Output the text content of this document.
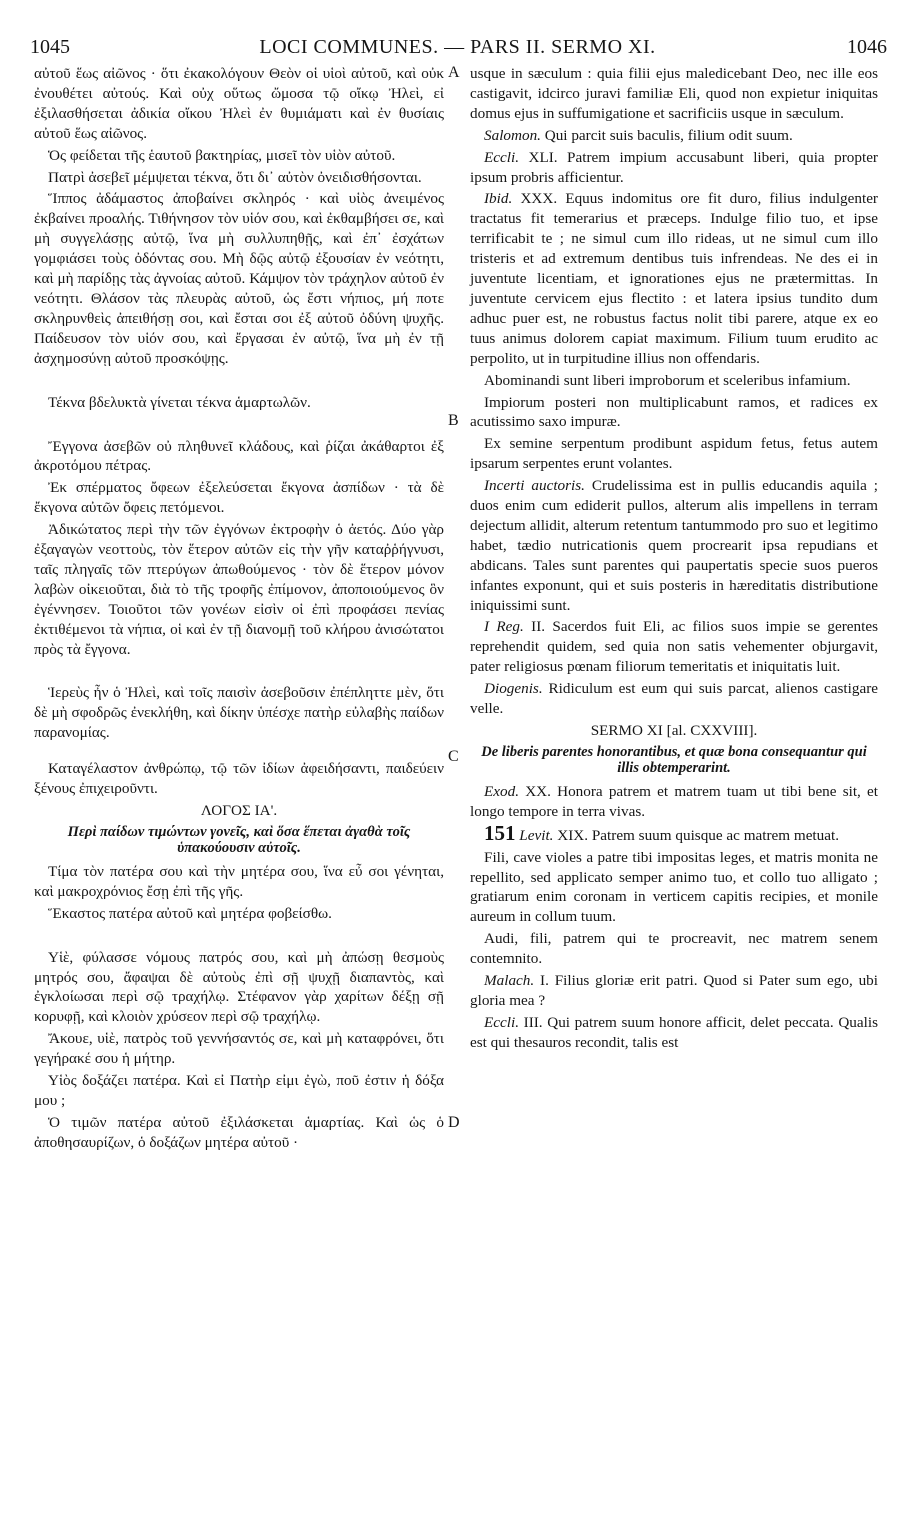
1045	LOCI COMMUNES. — PARS II. SERMO XI.	1046
A
B
C
D

αὐτοῦ ἕως αἰῶνος · ὅτι ἐκακολόγουν Θεὸν οἱ υἱοὶ αὐτοῦ, καὶ οὐκ ἐνουθέτει αὐτούς. Καὶ οὐχ οὕτως ὤμοσα τῷ οἴκῳ Ἠλεὶ, εἰ ἐξιλασθήσεται ἀδικία οἴκου Ἠλεὶ ἐν θυμιάματι καὶ ἐν θυσίαις αὐτοῦ ἕως αἰῶνος.

Ὁς φείδεται τῆς ἑαυτοῦ βακτηρίας, μισεῖ τὸν υἱὸν αὐτοῦ.

Πατρὶ ἀσεβεῖ μέμψεται τέκνα, ὅτι δι᾽ αὐτὸν ὀνειδισθήσονται.

Ἵππος ἀδάμαστος ἀποβαίνει σκληρός · καὶ υἱὸς ἀνειμένος ἐκβαίνει προαλής. Τιθήνησον τὸν υἱόν σου, καὶ ἐκθαμβήσει σε, καὶ μὴ συγγελάσῃς αὐτῷ, ἵνα μὴ συλλυπηθῇς, καὶ ἐπ᾽ ἐσχάτων γομφιάσει τοὺς ὀδόντας σου. Μὴ δῷς αὐτῷ ἐξουσίαν ἐν νεότητι, καὶ μὴ παρίδῃς τὰς ἀγνοίας αὐτοῦ. Κάμψον τὸν τράχηλον αὐτοῦ ἐν νεότητι. Θλάσον τὰς πλευρὰς αὐτοῦ, ὡς ἔστι νήπιος, μή ποτε σκληρυνθεὶς ἀπειθήσῃ σοι, καὶ ἔσται σοι ἐξ αὐτοῦ ὀδύνη ψυχῆς. Παίδευσον τὸν υἱόν σου, καὶ ἔργασαι ἐν αὐτῷ, ἵνα μὴ ἐν τῇ ἀσχημοσύνῃ αὐτοῦ προσκόψῃς.

Τέκνα βδελυκτὰ γίνεται τέκνα ἁμαρτωλῶν.

Ἔγγονα ἀσεβῶν οὐ πληθυνεῖ κλάδους, καὶ ῥίζαι ἀκάθαρτοι ἐξ ἀκροτόμου πέτρας.

Ἐκ σπέρματος ὄφεων ἐξελεύσεται ἔκγονα ἀσπίδων · τὰ δὲ ἔκγονα αὐτῶν ὄφεις πετόμενοι.

Ἀδικώτατος περὶ τὴν τῶν ἐγγόνων ἐκτροφὴν ὁ ἀετός. Δύο γὰρ ἐξαγαγὼν νεοττοὺς, τὸν ἕτερον αὐτῶν εἰς τὴν γῆν καταῤῥήγνυσι, ταῖς πληγαῖς τῶν πτερύγων ἀπωθούμενος · τὸν δὲ ἕτερον μόνον λαβὼν οἰκειοῦται, διὰ τὸ τῆς τροφῆς ἐπίμονον, ἀποποιούμενος ὃν ἐγέννησεν. Τοιοῦτοι τῶν γονέων εἰσὶν οἱ ἐπὶ προφάσει πενίας ἐκτιθέμενοι τὰ νήπια, οἱ καὶ ἐν τῇ διανομῇ τοῦ κλήρου ἀνισώτατοι πρὸς τὰ ἔγγονα.

Ἱερεὺς ἦν ὁ Ἠλεὶ, καὶ τοῖς παισὶν ἀσεβοῦσιν ἐπέπληττε μὲν, ὅτι δὲ μὴ σφοδρῶς ἐνεκλήθη, καὶ δίκην ὑπέσχε πατὴρ εὐλαβὴς παίδων παρανομίας.

Καταγέλαστον ἀνθρώπῳ, τῷ τῶν ἰδίων ἀφειδήσαντι, παιδεύειν ξένους ἐπιχειροῦντι.

ΛΟΓΟΣ ΙΑ'.

Περὶ παίδων τιμώντων γονεῖς, καὶ ὅσα ἕπεται ἀγαθὰ τοῖς ὑπακούουσιν αὐτοῖς.

Τίμα τὸν πατέρα σου καὶ τὴν μητέρα σου, ἵνα εὖ σοι γένηται, καὶ μακροχρόνιος ἔσῃ ἐπὶ τῆς γῆς.

Ἕκαστος πατέρα αὐτοῦ καὶ μητέρα φοβείσθω.

Υἱὲ, φύλασσε νόμους πατρός σου, καὶ μὴ ἀπώσῃ θεσμοὺς μητρός σου, ἄφαψαι δὲ αὐτοὺς ἐπὶ σῇ ψυχῇ διαπαντὸς, καὶ ἐγκλοίωσαι περὶ σῷ τραχήλῳ. Στέφανον γὰρ χαρίτων δέξῃ σῇ κορυφῇ, καὶ κλοιὸν χρύσεον περὶ σῷ τραχήλῳ.

Ἄκουε, υἱὲ, πατρὸς τοῦ γεννήσαντός σε, καὶ μὴ καταφρόνει, ὅτι γεγήρακέ σου ἡ μήτηρ.

Υἱὸς δοξάζει πατέρα. Καὶ εἰ Πατὴρ εἰμι ἐγὼ, ποῦ ἐστιν ἡ δόξα μου ;

Ὁ τιμῶν πατέρα αὐτοῦ ἐξιλάσκεται ἁμαρτίας. Καὶ ὡς ὁ ἀποθησαυρίζων, ὁ δοξάζων μητέρα αὐτοῦ ·

usque in sæculum : quia filii ejus maledicebant Deo, nec ille eos castigavit, idcirco juravi familiæ Eli, quod non expietur iniquitas domus ejus in suffumigatione et sacrificiis usque in sæculum.

Salomon. Qui parcit suis baculis, filium odit suum.

Eccli. XLI. Patrem impium accusabunt liberi, quia propter ipsum probris afficientur.

Ibid. XXX. Equus indomitus ore fit duro, filius indulgenter tractatus fit temerarius et præceps. Indulge filio tuo, et ipse terrificabit te ; ne simul cum illo rideas, ut ne simul cum illo tristeris et ad extremum dentibus tuis infrendeas. Ne des ei in juventute licentiam, et ignorationes ejus ne prætermittas. In juventute cervicem ejus flectito : et latera ipsius tundito dum adhuc puer est, ne robustus factus nolit tibi parere, atque ex eo tuus animus dolorem capiat maximum. Filium tuum erudito ac perpolito, ut in turpitudine illius non offendaris.

Abominandi sunt liberi improborum et sceleribus infamium.

Impiorum posteri non multiplicabunt ramos, et radices ex acutissimo saxo impuræ.

Ex semine serpentum prodibunt aspidum fetus, fetus autem ipsarum serpentes erunt volantes.

Incerti auctoris. Crudelissima est in pullis educandis aquila ; duos enim cum ediderit pullos, alterum alis impellens in terram dejectum allidit, alterum retentum tantummodo pro suo et legitimo habet, tædio nutricationis quem procrearit ipsa repudians et abdicans. Tales sunt parentes qui paupertatis specie suos pueros infantes exponunt, qui et suis posteris in hæreditatis distributione iniquissimi sunt.

I Reg. II. Sacerdos fuit Eli, ac filios suos impie se gerentes reprehendit quidem, sed quia non satis vehementer objurgavit, pater religiosus pœnam filiorum temeritatis et iniquitatis luit.

Diogenis. Ridiculum est eum qui suis parcat, alienos castigare velle.

SERMO XI [al. CXXVIII].

De liberis parentes honorantibus, et quæ bona consequantur qui illis obtemperarint.

Exod. XX. Honora patrem et matrem tuam ut tibi bene sit, et longo tempore in terra vivas.

151 Levit. XIX. Patrem suum quisque ac matrem metuat.

Fili, cave violes a patre tibi impositas leges, et matris monita ne repellito, sed applicato semper animo tuo, et collo tuo alligato ; gratiarum enim coronam in verticem capitis recipies, et monile aureum in collum tuum.

Audi, fili, patrem qui te procreavit, nec matrem senem contemnito.

Malach. I. Filius gloriæ erit patri. Quod si Pater sum ego, ubi gloria mea ?

Eccli. III. Qui patrem suum honore afficit, delet peccata. Qualis est qui thesauros recondit, talis est
